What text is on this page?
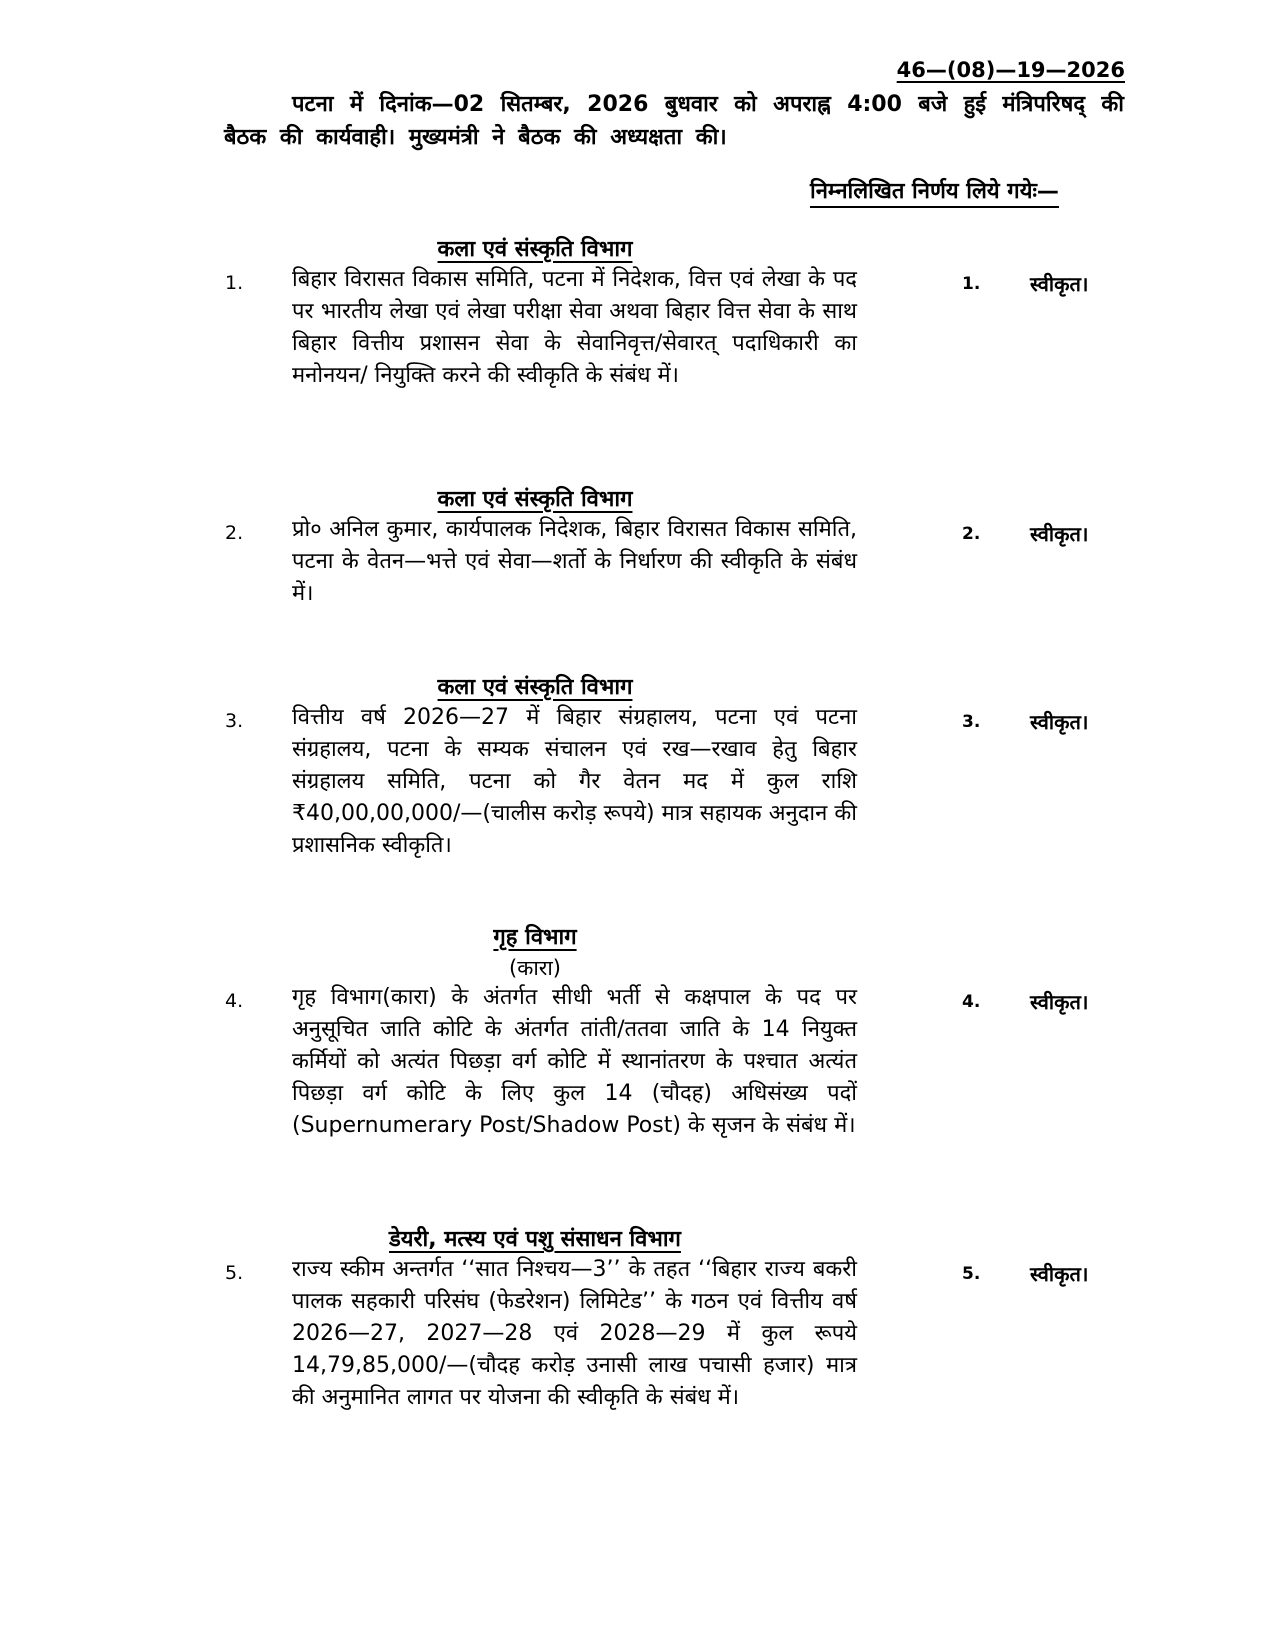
46—(08)—19—2026
पटना में दिनांक—02 सितम्बर, 2026 बुधवार को अपराह्न 4:00 बजे हुई मंत्रिपरिषद् की बैठक की कार्यवाही। मुख्यमंत्री ने बैठक की अध्यक्षता की।
निम्नलिखित निर्णय लिये गयेः—
कला एवं संस्कृति विभाग
1. बिहार विरासत विकास समिति, पटना में निदेशक, वित्त एवं लेखा के पद पर भारतीय लेखा एवं लेखा परीक्षा सेवा अथवा बिहार वित्त सेवा के साथ बिहार वित्तीय प्रशासन सेवा के सेवानिवृत्त/सेवारत् पदाधिकारी का मनोनयन/ नियुक्ति करने की स्वीकृति के संबंध में।
1. स्वीकृत।
कला एवं संस्कृति विभाग
2. प्रो० अनिल कुमार, कार्यपालक निदेशक, बिहार विरासत विकास समिति, पटना के वेतन—भत्ते एवं सेवा—शर्तो के निर्धारण की स्वीकृति के संबंध में।
2. स्वीकृत।
कला एवं संस्कृति विभाग
3. वित्तीय वर्ष 2026—27 में बिहार संग्रहालय, पटना एवं पटना संग्रहालय, पटना के सम्यक संचालन एवं रख—रखाव हेतु बिहार संग्रहालय समिति, पटना को गैर वेतन मद में कुल राशि ₹40,00,00,000/—(चालीस करोड़ रूपये) मात्र सहायक अनुदान की प्रशासनिक स्वीकृति।
3. स्वीकृत।
गृह विभाग
(कारा)
4. गृह विभाग(कारा) के अंतर्गत सीधी भर्ती से कक्षपाल के पद पर अनुसूचित जाति कोटि के अंतर्गत तांती/ततवा जाति के 14 नियुक्त कर्मियों को अत्यंत पिछड़ा वर्ग कोटि में स्थानांतरण के पश्चात अत्यंत पिछड़ा वर्ग कोटि के लिए कुल 14 (चौदह) अधिसंख्य पदों (Supernumerary Post/Shadow Post) के सृजन के संबंध में।
4. स्वीकृत।
डेयरी, मत्स्य एवं पशु संसाधन विभाग
5. राज्य स्कीम अन्तर्गत ‘‘सात निश्चय—3’’ के तहत ‘‘बिहार राज्य बकरी पालक सहकारी परिसंघ (फेडरेशन) लिमिटेड’’ के गठन एवं वित्तीय वर्ष 2026—27, 2027—28 एवं 2028—29 में कुल रूपये 14,79,85,000/—(चौदह करोड़ उनासी लाख पचासी हजार) मात्र की अनुमानित लागत पर योजना की स्वीकृति के संबंध में।
5. स्वीकृत।
